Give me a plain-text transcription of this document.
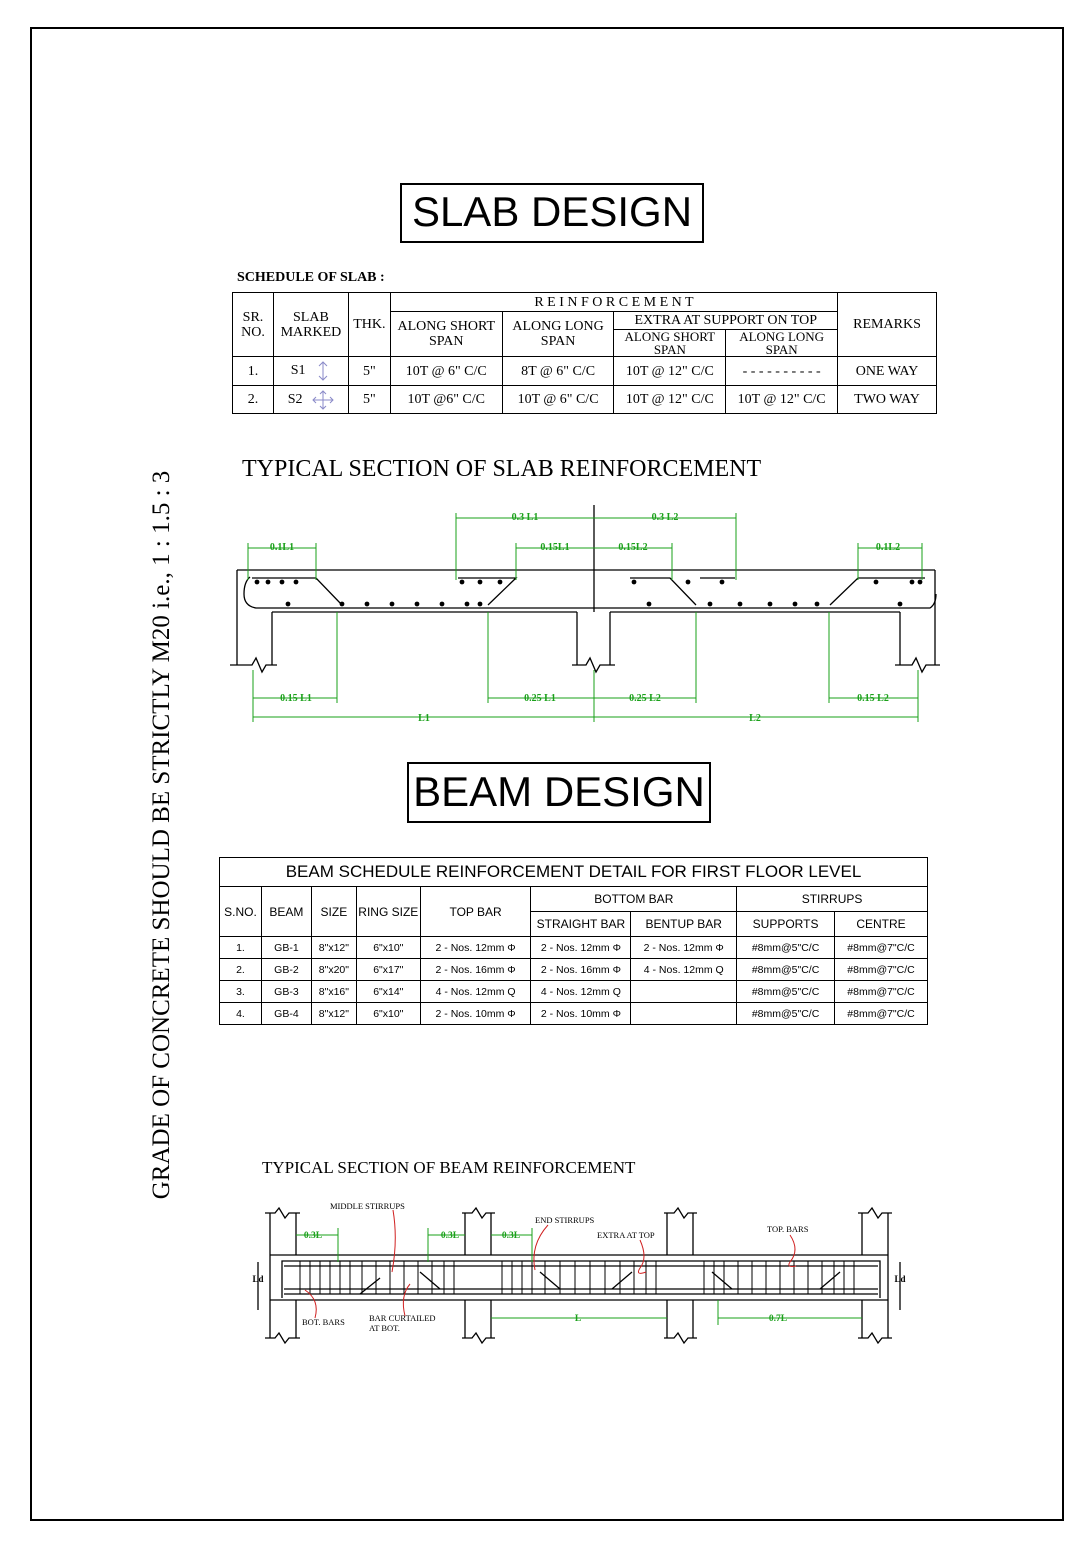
GRADE OF CONCRETE SHOULD BE STRICTLY M20 i.e., 1 : 1.5 : 3
SLAB DESIGN
SCHEDULE OF SLAB :
SR. NO.	SLAB MARKED	THK.	R E I N F O R C E M E N T				REMARKS
			ALONG SHORT SPAN	ALONG LONG SPAN	EXTRA AT SUPPORT ON TOP		
					ALONG SHORT SPAN	ALONG LONG SPAN	
1.	S1	5"	10T @ 6" C/C	8T @ 6" C/C	10T @ 12" C/C	- - - - - - - - - -	ONE WAY
2.	S2	5"	10T @6" C/C	10T @ 6" C/C	10T @ 12" C/C	10T @ 12" C/C	TWO WAY
TYPICAL SECTION OF SLAB REINFORCEMENT
0.3 L1	0.3 L2
0.1L1	0.15L1	0.15L2	0.1L2
0.15 L1	0.25 L1	0.25 L2	0.15 L2
L1	L2
BEAM DESIGN
BEAM SCHEDULE REINFORCEMENT DETAIL FOR FIRST FLOOR LEVEL								
S.NO.	BEAM	SIZE	RING SIZE	TOP BAR	BOTTOM BAR		STIRRUPS	
					STRAIGHT BAR	BENTUP BAR	SUPPORTS	CENTRE
1.	GB-1	8"x12"	6"x10"	2 - Nos. 12mm Φ	2 - Nos. 12mm Φ	2 - Nos. 12mm Φ	#8mm@5"C/C	#8mm@7"C/C
2.	GB-2	8"x20"	6"x17"	2 - Nos. 16mm Φ	2 - Nos. 16mm Φ	4 - Nos. 12mm Q	#8mm@5"C/C	#8mm@7"C/C
3.	GB-3	8"x16"	6"x14"	4 - Nos. 12mm Q	4 - Nos. 12mm Q		#8mm@5"C/C	#8mm@7"C/C
4.	GB-4	8"x12"	6"x10"	2 - Nos. 10mm Φ	2 - Nos. 10mm Φ		#8mm@5"C/C	#8mm@7"C/C
TYPICAL SECTION OF BEAM REINFORCEMENT
MIDDLE STIRRUPS
END STIRRUPS
EXTRA AT TOP
TOP. BARS
BOT. BARS	BAR CURTAILED
AT BOT.
0.3L	0.3L	0.3L
L	0.7L
Ld	Ld
